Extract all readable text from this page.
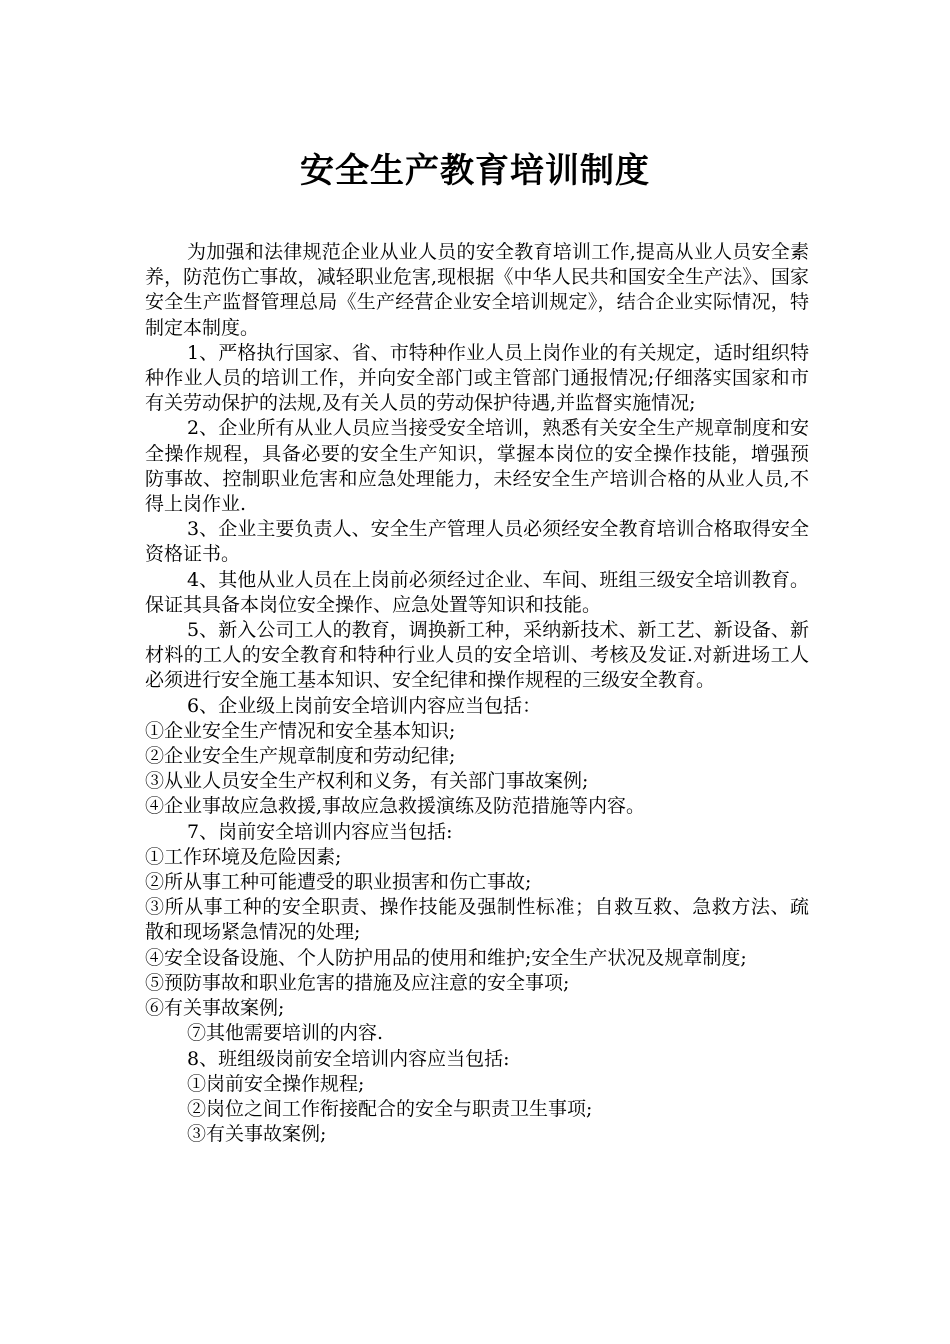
安全生产教育培训制度

为加强和法律规范企业从业人员的安全教育培训工作,提高从业人员安全素养，防范伤亡事故，减轻职业危害,现根据《中华人民共和国安全生产法》、国家安全生产监督管理总局《生产经营企业安全培训规定》，结合企业实际情况，特制定本制度。

1、严格执行国家、省、市特种作业人员上岗作业的有关规定，适时组织特种作业人员的培训工作，并向安全部门或主管部门通报情况;仔细落实国家和市有关劳动保护的法规,及有关人员的劳动保护待遇,并监督实施情况;

2、企业所有从业人员应当接受安全培训，熟悉有关安全生产规章制度和安全操作规程，具备必要的安全生产知识，掌握本岗位的安全操作技能，增强预防事故、控制职业危害和应急处理能力，未经安全生产培训合格的从业人员,不得上岗作业.

3、企业主要负责人、安全生产管理人员必须经安全教育培训合格取得安全资格证书。

4、其他从业人员在上岗前必须经过企业、车间、班组三级安全培训教育。保证其具备本岗位安全操作、应急处置等知识和技能。

5、新入公司工人的教育，调换新工种，采纳新技术、新工艺、新设备、新材料的工人的安全教育和特种行业人员的安全培训、考核及发证.对新进场工人必须进行安全施工基本知识、安全纪律和操作规程的三级安全教育。

6、企业级上岗前安全培训内容应当包括：

①企业安全生产情况和安全基本知识;

②企业安全生产规章制度和劳动纪律;

③从业人员安全生产权利和义务，有关部门事故案例;

④企业事故应急救援,事故应急救援演练及防范措施等内容。

7、岗前安全培训内容应当包括:

①工作环境及危险因素;

②所从事工种可能遭受的职业损害和伤亡事故;

③所从事工种的安全职责、操作技能及强制性标准；自救互救、急救方法、疏散和现场紧急情况的处理;

④安全设备设施、个人防护用品的使用和维护;安全生产状况及规章制度;

⑤预防事故和职业危害的措施及应注意的安全事项;

⑥有关事故案例;

⑦其他需要培训的内容.

8、班组级岗前安全培训内容应当包括:

①岗前安全操作规程;

②岗位之间工作衔接配合的安全与职责卫生事项;

③有关事故案例;
